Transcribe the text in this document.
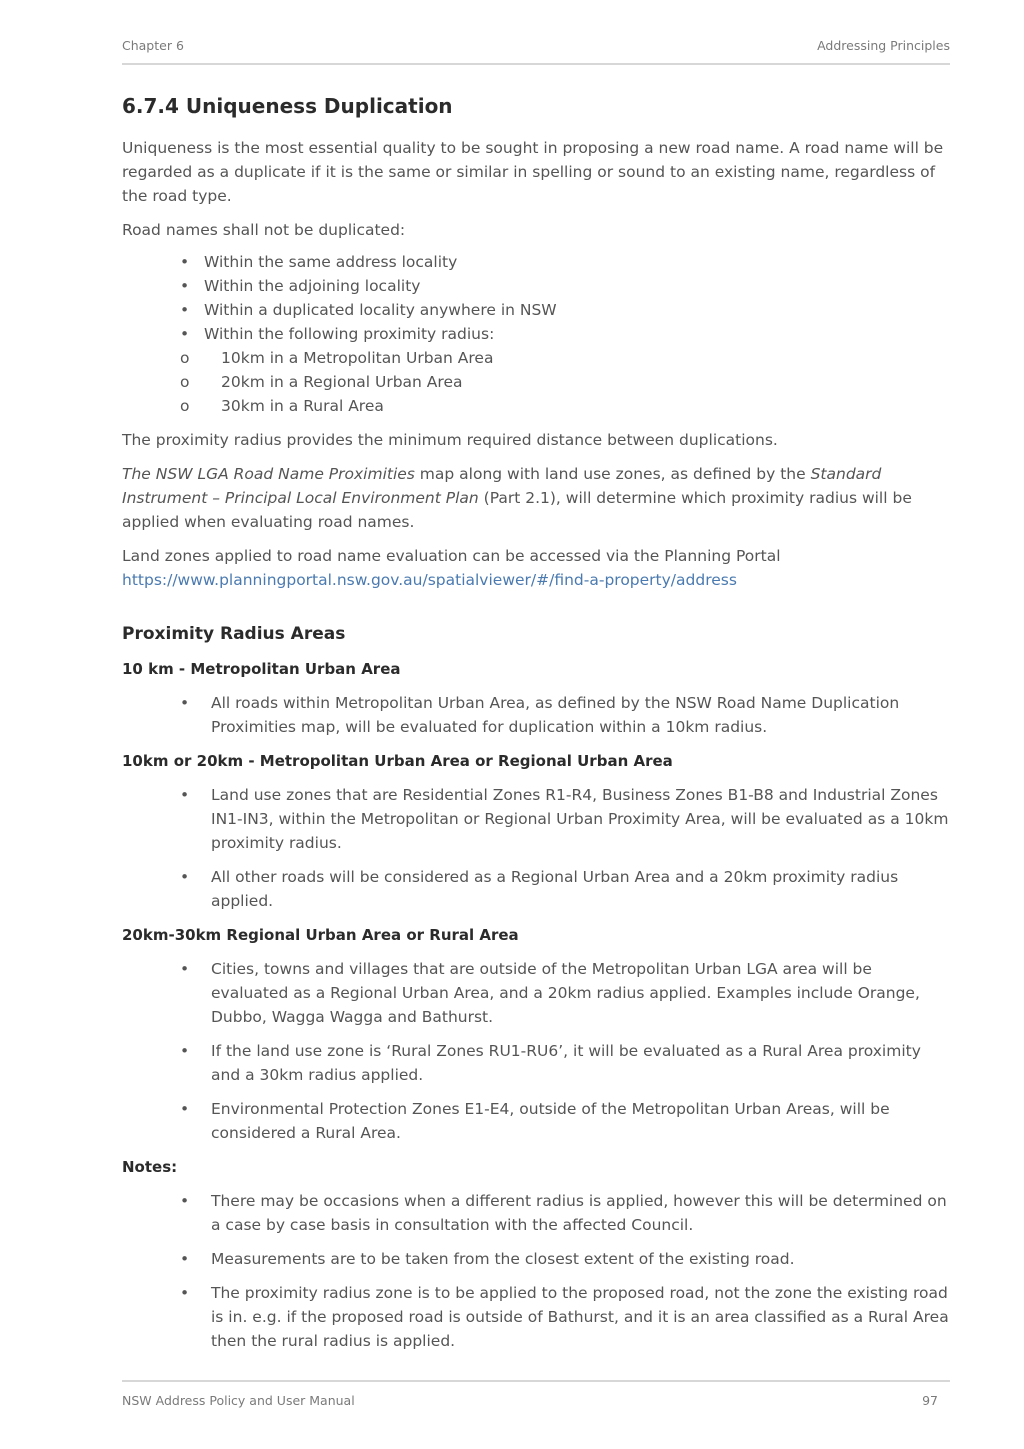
Chapter 6	Addressing Principles
6.7.4 Uniqueness Duplication

Uniqueness is the most essential quality to be sought in proposing a new road name. A road name will be regarded as a duplicate if it is the same or similar in spelling or sound to an existing name, regardless of the road type.

Road names shall not be duplicated:

• Within the same address locality
• Within the adjoining locality
• Within a duplicated locality anywhere in NSW
• Within the following proximity radius:
o 10km in a Metropolitan Urban Area
o 20km in a Regional Urban Area
o 30km in a Rural Area

The proximity radius provides the minimum required distance between duplications.

The NSW LGA Road Name Proximities map along with land use zones, as defined by the Standard Instrument – Principal Local Environment Plan (Part 2.1), will determine which proximity radius will be applied when evaluating road names.

Land zones applied to road name evaluation can be accessed via the Planning Portal https://www.planningportal.nsw.gov.au/spatialviewer/#/find-a-property/address

Proximity Radius Areas
10 km - Metropolitan Urban Area
• All roads within Metropolitan Urban Area, as defined by the NSW Road Name Duplication Proximities map, will be evaluated for duplication within a 10km radius.
10km or 20km - Metropolitan Urban Area or Regional Urban Area
• Land use zones that are Residential Zones R1-R4, Business Zones B1-B8 and Industrial Zones IN1-IN3, within the Metropolitan or Regional Urban Proximity Area, will be evaluated as a 10km proximity radius.
• All other roads will be considered as a Regional Urban Area and a 20km proximity radius applied.
20km-30km Regional Urban Area or Rural Area
• Cities, towns and villages that are outside of the Metropolitan Urban LGA area will be evaluated as a Regional Urban Area, and a 20km radius applied. Examples include Orange, Dubbo, Wagga Wagga and Bathurst.
• If the land use zone is ‘Rural Zones RU1-RU6’, it will be evaluated as a Rural Area proximity and a 30km radius applied.
• Environmental Protection Zones E1-E4, outside of the Metropolitan Urban Areas, will be considered a Rural Area.
Notes:
• There may be occasions when a different radius is applied, however this will be determined on a case by case basis in consultation with the affected Council.
• Measurements are to be taken from the closest extent of the existing road.
• The proximity radius zone is to be applied to the proposed road, not the zone the existing road is in. e.g. if the proposed road is outside of Bathurst, and it is an area classified as a Rural Area then the rural radius is applied.
NSW Address Policy and User Manual	97
